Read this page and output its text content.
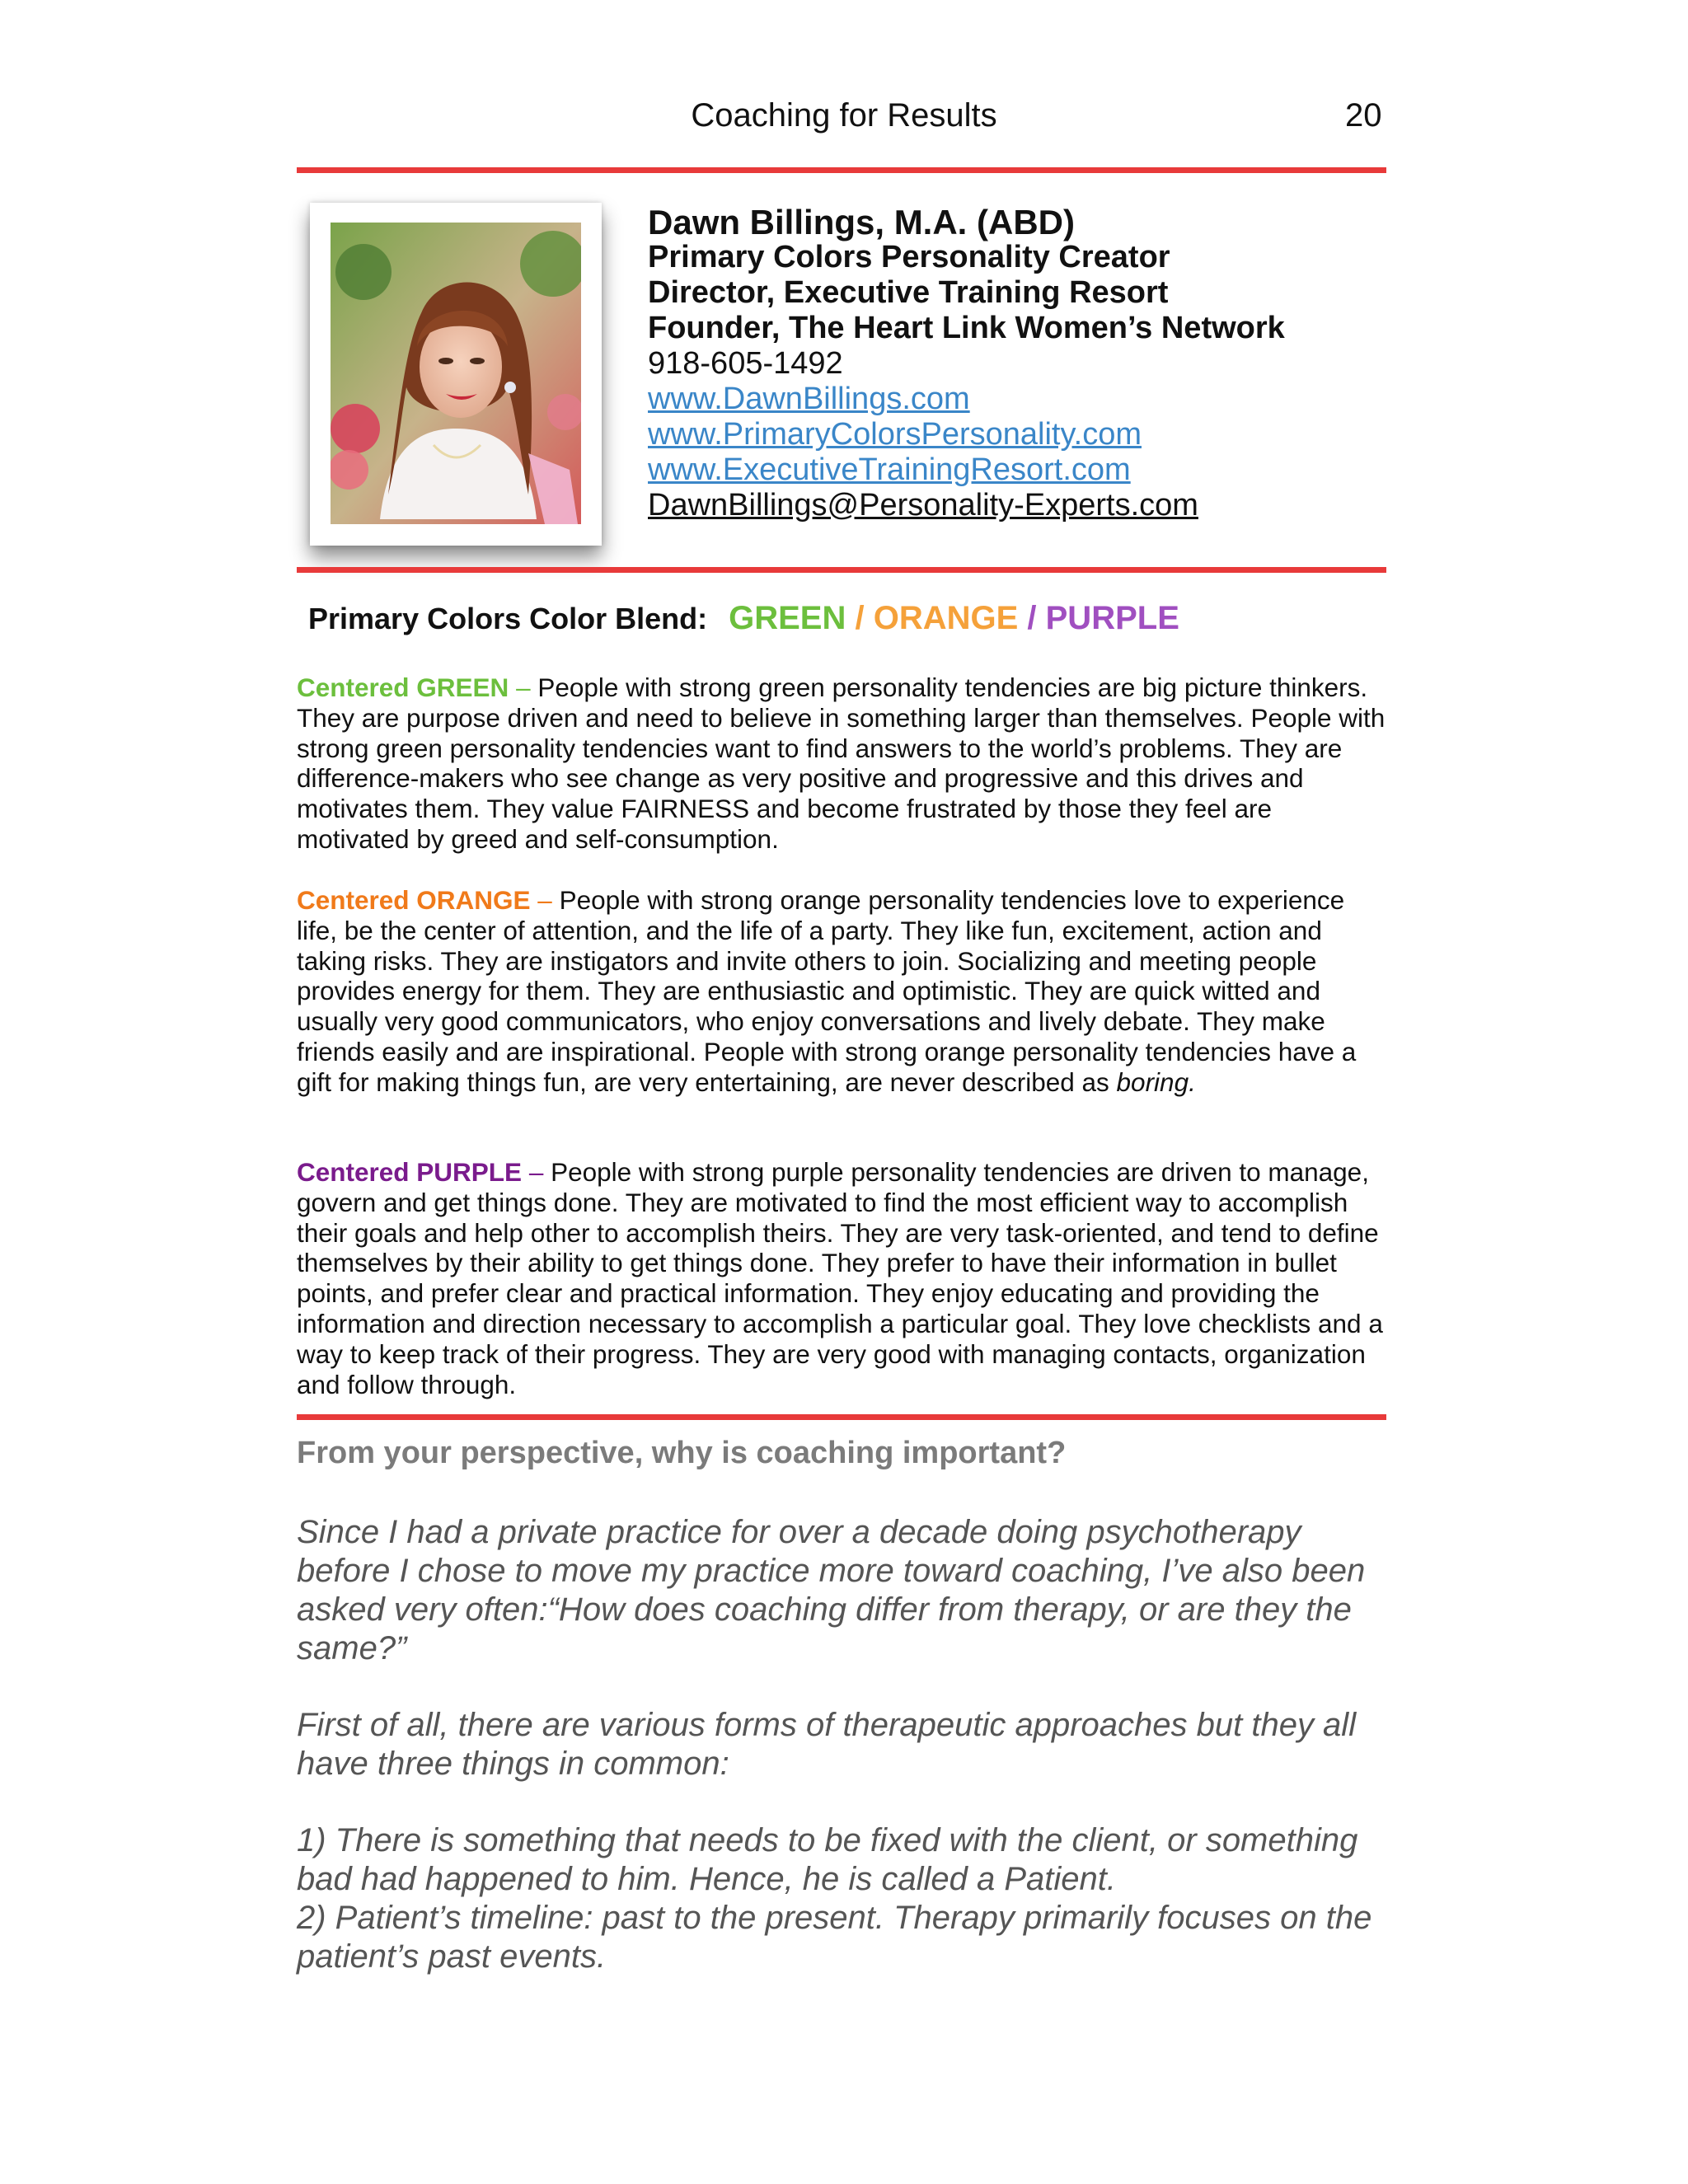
Coaching for Results	20
Dawn Billings, M.A. (ABD)
Primary Colors Personality Creator
Director, Executive Training Resort
Founder, The Heart Link Women’s Network
918-605-1492
www.DawnBillings.com
www.PrimaryColorsPersonality.com
www.ExecutiveTrainingResort.com
DawnBillings@Personality-Experts.com
Primary Colors Color Blend: GREEN / ORANGE / PURPLE
Centered GREEN – People with strong green personality tendencies are big picture thinkers. They are purpose driven and need to believe in something larger than themselves. People with strong green personality tendencies want to find answers to the world’s problems. They are difference-makers who see change as very positive and progressive and this drives and motivates them. They value FAIRNESS and become frustrated by those they feel are motivated by greed and self-consumption.
Centered ORANGE – People with strong orange personality tendencies love to experience life, be the center of attention, and the life of a party. They like fun, excitement, action and taking risks. They are instigators and invite others to join. Socializing and meeting people provides energy for them. They are enthusiastic and optimistic. They are quick witted and usually very good communicators, who enjoy conversations and lively debate. They make friends easily and are inspirational. People with strong orange personality tendencies have a gift for making things fun, are very entertaining, are never described as boring.
Centered PURPLE – People with strong purple personality tendencies are driven to manage, govern and get things done. They are motivated to find the most efficient way to accomplish their goals and help other to accomplish theirs. They are very task-oriented, and tend to define themselves by their ability to get things done. They prefer to have their information in bullet points, and prefer clear and practical information. They enjoy educating and providing the information and direction necessary to accomplish a particular goal. They love checklists and a way to keep track of their progress. They are very good with managing contacts, organization and follow through.
From your perspective, why is coaching important?

Since I had a private practice for over a decade doing psychotherapy before I chose to move my practice more toward coaching, I’ve also been asked very often:“How does coaching differ from therapy, or are they the same?”

First of all, there are various forms of therapeutic approaches but they all have three things in common:

1) There is something that needs to be fixed with the client, or something bad had happened to him. Hence, he is called a Patient.

2) Patient’s timeline: past to the present. Therapy primarily focuses on the patient’s past events.
